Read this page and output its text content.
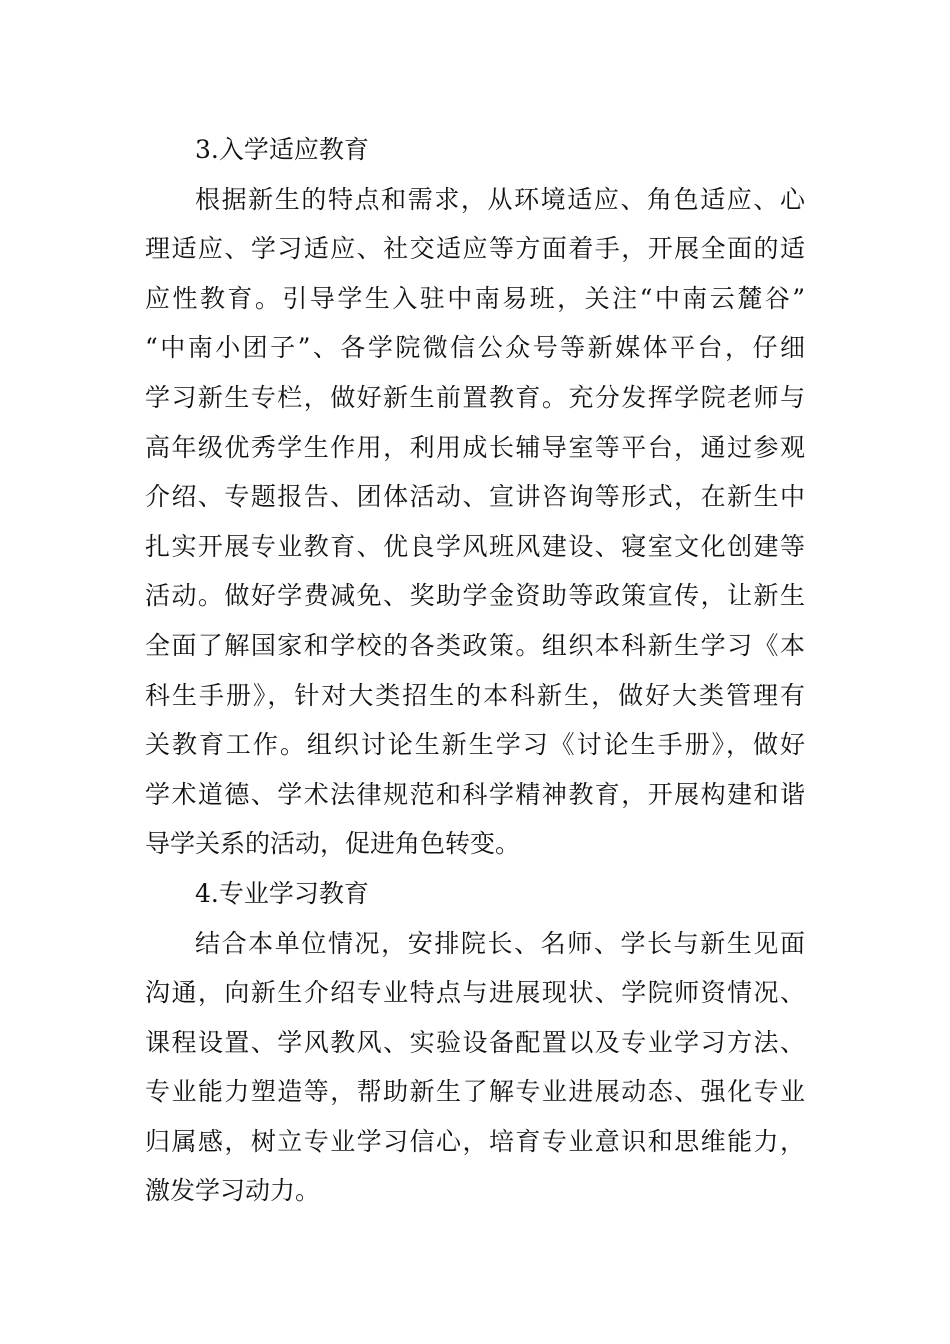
3.入学适应教育
根据新生的特点和需求，从环境适应、角色适应、心
理适应、学习适应、社交适应等方面着手，开展全面的适
应性教育。引导学生入驻中南易班，关注“中南云麓谷”
“中南小团子”、各学院微信公众号等新媒体平台，仔细
学习新生专栏，做好新生前置教育。充分发挥学院老师与
高年级优秀学生作用，利用成长辅导室等平台，通过参观
介绍、专题报告、团体活动、宣讲咨询等形式，在新生中
扎实开展专业教育、优良学风班风建设、寝室文化创建等
活动。做好学费减免、奖助学金资助等政策宣传，让新生
全面了解国家和学校的各类政策。组织本科新生学习《本
科生手册》，针对大类招生的本科新生，做好大类管理有
关教育工作。组织讨论生新生学习《讨论生手册》，做好
学术道德、学术法律规范和科学精神教育，开展构建和谐
导学关系的活动，促进角色转变。
4.专业学习教育
结合本单位情况，安排院长、名师、学长与新生见面
沟通，向新生介绍专业特点与进展现状、学院师资情况、
课程设置、学风教风、实验设备配置以及专业学习方法、
专业能力塑造等，帮助新生了解专业进展动态、强化专业
归属感，树立专业学习信心，培育专业意识和思维能力，
激发学习动力。
